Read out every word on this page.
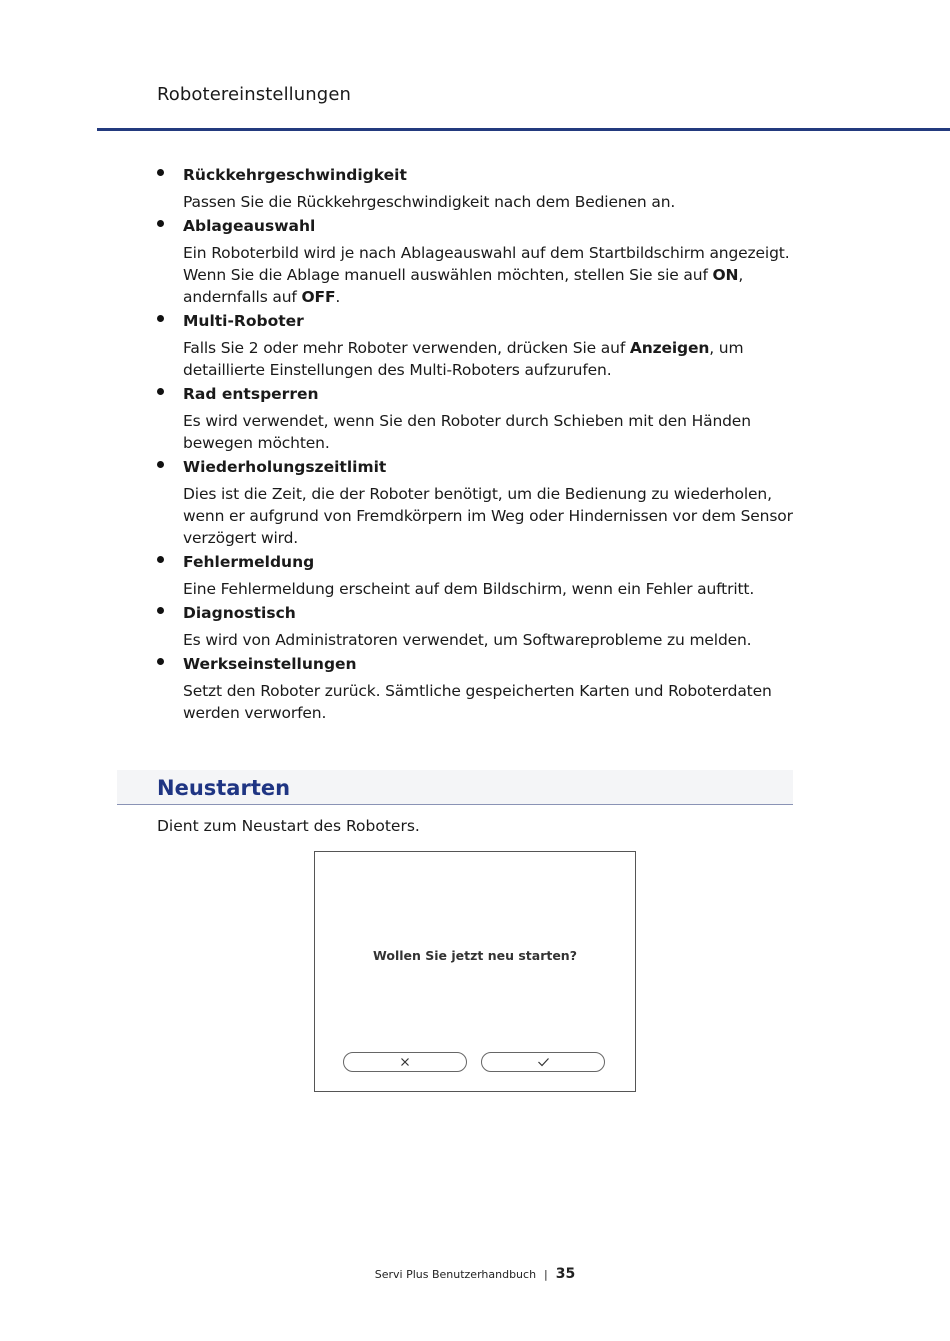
Robotereinstellungen
Rückkehrgeschwindigkeit
Passen Sie die Rückkehrgeschwindigkeit nach dem Bedienen an.
Ablageauswahl
Ein Roboterbild wird je nach Ablageauswahl auf dem Startbildschirm angezeigt. Wenn Sie die Ablage manuell auswählen möchten, stellen Sie sie auf ON, andernfalls auf OFF.
Multi-Roboter
Falls Sie 2 oder mehr Roboter verwenden, drücken Sie auf Anzeigen, um detaillierte Einstellungen des Multi-Roboters aufzurufen.
Rad entsperren
Es wird verwendet, wenn Sie den Roboter durch Schieben mit den Händen bewegen möchten.
Wiederholungszeitlimit
Dies ist die Zeit, die der Roboter benötigt, um die Bedienung zu wiederholen, wenn er aufgrund von Fremdkörpern im Weg oder Hindernissen vor dem Sensor verzögert wird.
Fehlermeldung
Eine Fehlermeldung erscheint auf dem Bildschirm, wenn ein Fehler auftritt.
Diagnostisch
Es wird von Administratoren verwendet, um Softwareprobleme zu melden.
Werkseinstellungen
Setzt den Roboter zurück. Sämtliche gespeicherten Karten und Roboterdaten werden verworfen.
Neustarten
Dient zum Neustart des Roboters.
Wollen Sie jetzt neu starten?
Servi Plus Benutzerhandbuch | 35
